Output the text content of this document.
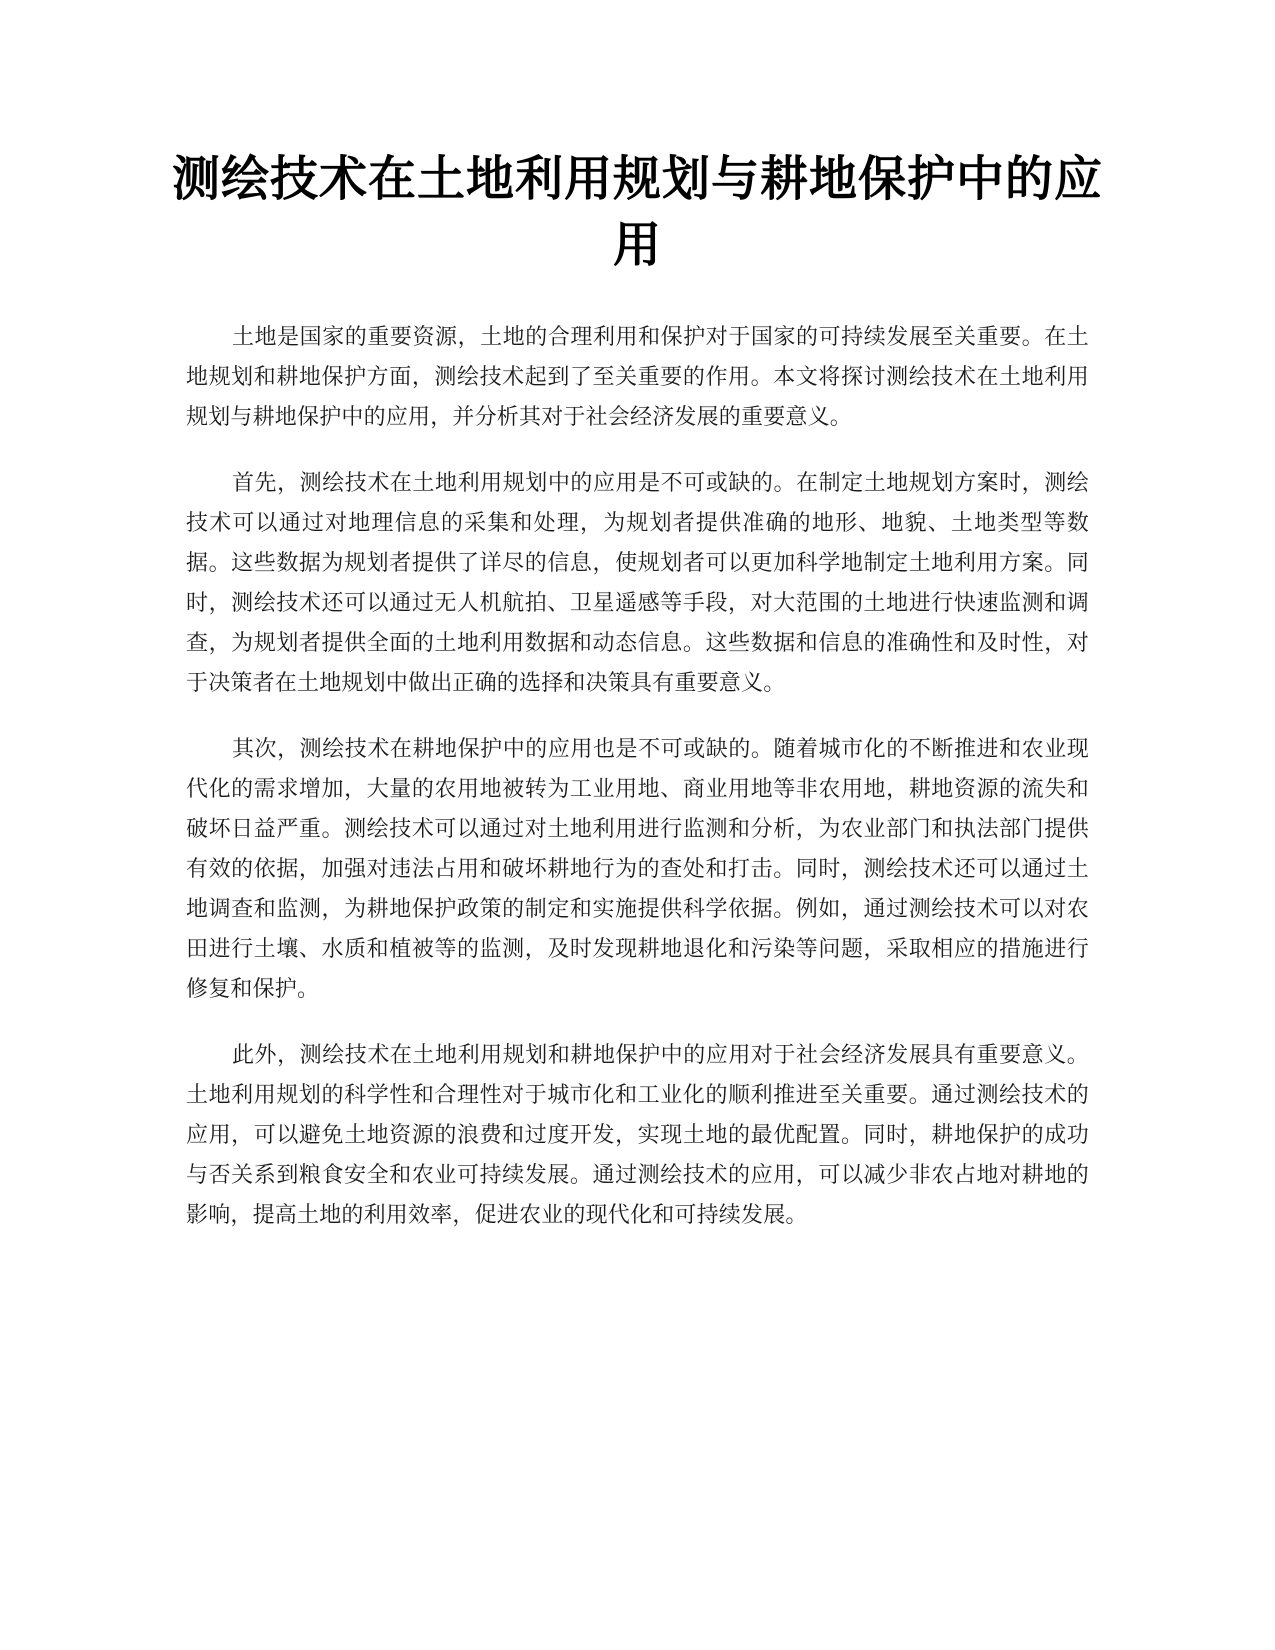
测绘技术在土地利用规划与耕地保护中的应用

土地是国家的重要资源，土地的合理利用和保护对于国家的可持续发展至关重要。在土地规划和耕地保护方面，测绘技术起到了至关重要的作用。本文将探讨测绘技术在土地利用规划与耕地保护中的应用，并分析其对于社会经济发展的重要意义。

首先，测绘技术在土地利用规划中的应用是不可或缺的。在制定土地规划方案时，测绘技术可以通过对地理信息的采集和处理，为规划者提供准确的地形、地貌、土地类型等数据。这些数据为规划者提供了详尽的信息，使规划者可以更加科学地制定土地利用方案。同时，测绘技术还可以通过无人机航拍、卫星遥感等手段，对大范围的土地进行快速监测和调查，为规划者提供全面的土地利用数据和动态信息。这些数据和信息的准确性和及时性，对于决策者在土地规划中做出正确的选择和决策具有重要意义。

其次，测绘技术在耕地保护中的应用也是不可或缺的。随着城市化的不断推进和农业现代化的需求增加，大量的农用地被转为工业用地、商业用地等非农用地，耕地资源的流失和破坏日益严重。测绘技术可以通过对土地利用进行监测和分析，为农业部门和执法部门提供有效的依据，加强对违法占用和破坏耕地行为的查处和打击。同时，测绘技术还可以通过土地调查和监测，为耕地保护政策的制定和实施提供科学依据。例如，通过测绘技术可以对农田进行土壤、水质和植被等的监测，及时发现耕地退化和污染等问题，采取相应的措施进行修复和保护。

此外，测绘技术在土地利用规划和耕地保护中的应用对于社会经济发展具有重要意义。土地利用规划的科学性和合理性对于城市化和工业化的顺利推进至关重要。通过测绘技术的应用，可以避免土地资源的浪费和过度开发，实现土地的最优配置。同时，耕地保护的成功与否关系到粮食安全和农业可持续发展。通过测绘技术的应用，可以减少非农占地对耕地的影响，提高土地的利用效率，促进农业的现代化和可持续发展。
